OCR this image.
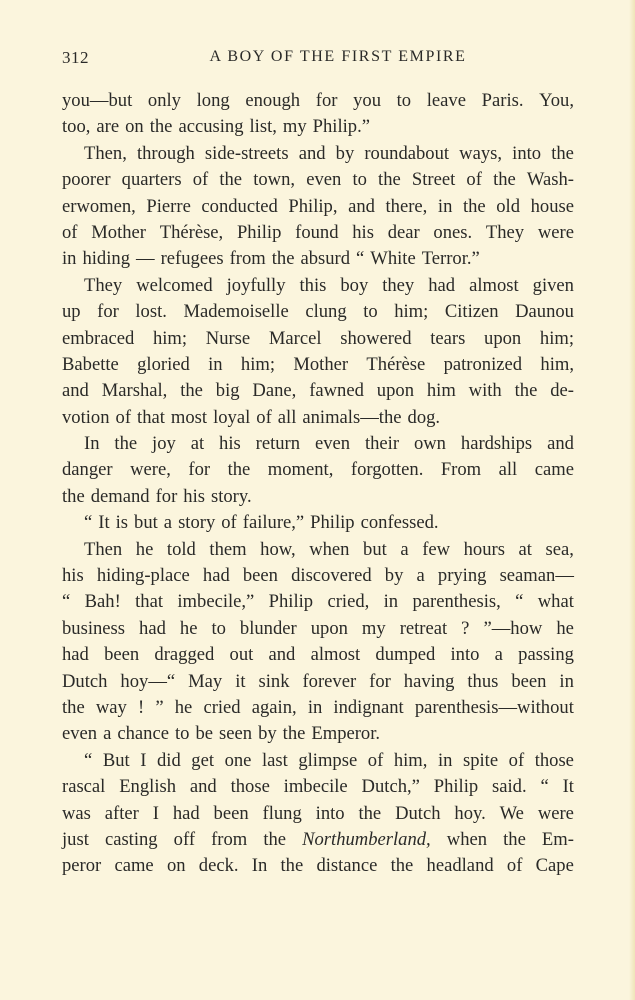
312	A BOY OF THE FIRST EMPIRE
you—but only long enough for you to leave Paris. You,
too, are on the accusing list, my Philip.”
Then, through side-streets and by roundabout ways, into the
poorer quarters of the town, even to the Street of the Wash-
erwomen, Pierre conducted Philip, and there, in the old house
of Mother Thérèse, Philip found his dear ones. They were
in hiding — refugees from the absurd “ White Terror.”
They welcomed joyfully this boy they had almost given
up for lost. Mademoiselle clung to him; Citizen Daunou
embraced him; Nurse Marcel showered tears upon him;
Babette gloried in him; Mother Thérèse patronized him,
and Marshal, the big Dane, fawned upon him with the de-
votion of that most loyal of all animals—the dog.
In the joy at his return even their own hardships and
danger were, for the moment, forgotten. From all came
the demand for his story.
“ It is but a story of failure,” Philip confessed.
Then he told them how, when but a few hours at sea,
his hiding-place had been discovered by a prying seaman—
“ Bah! that imbecile,” Philip cried, in parenthesis, “ what
business had he to blunder upon my retreat ? ”—how he
had been dragged out and almost dumped into a passing
Dutch hoy—“ May it sink forever for having thus been in
the way ! ” he cried again, in indignant parenthesis—without
even a chance to be seen by the Emperor.
“ But I did get one last glimpse of him, in spite of those
rascal English and those imbecile Dutch,” Philip said. “ It
was after I had been flung into the Dutch hoy. We were
just casting off from the Northumberland, when the Em-
peror came on deck. In the distance the headland of Cape
